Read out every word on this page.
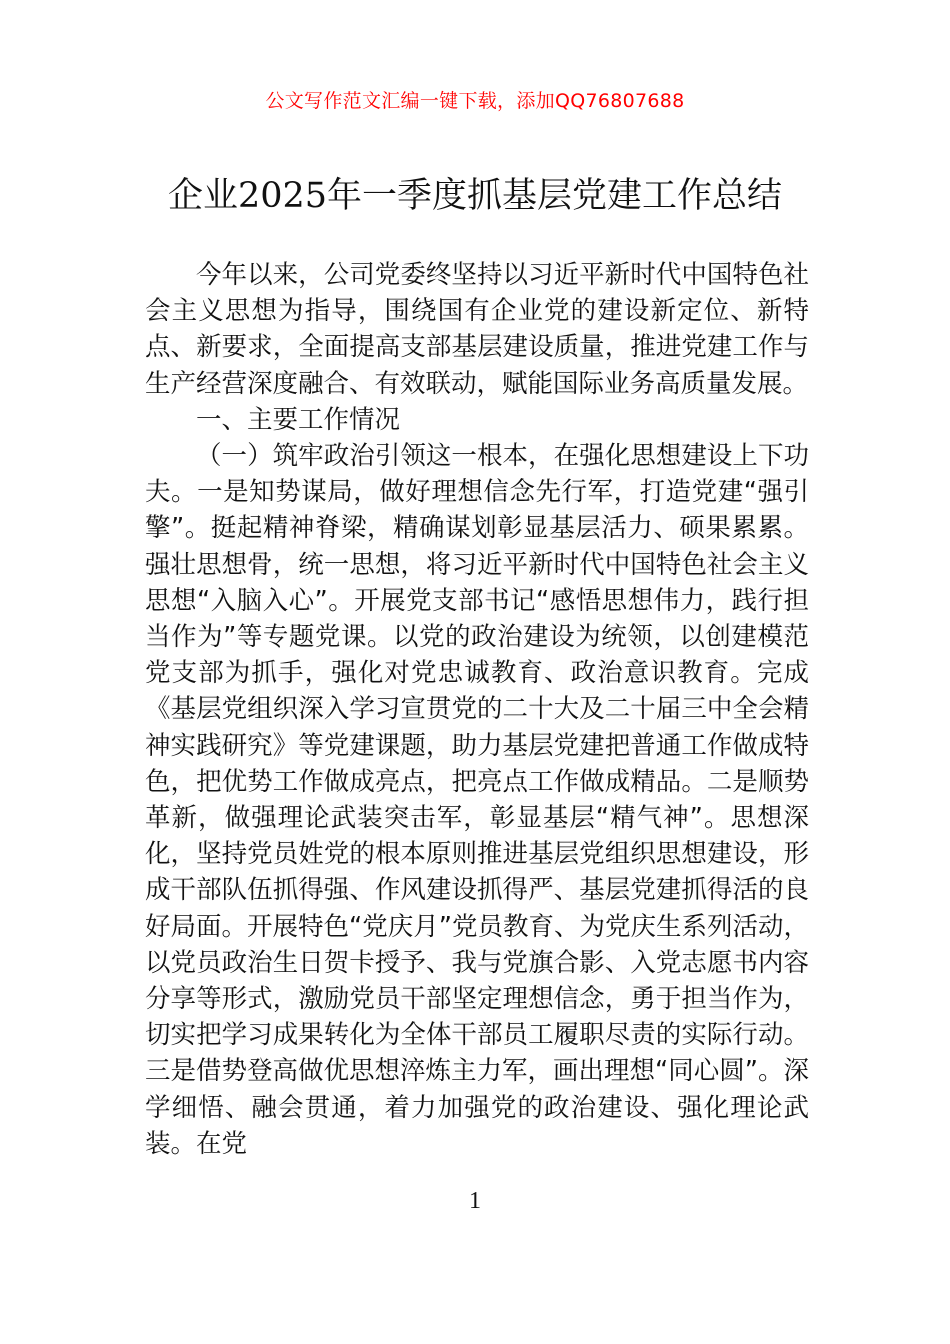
公文写作范文汇编一键下载，添加QQ76807688
企业2025年一季度抓基层党建工作总结

今年以来，公司党委终坚持以习近平新时代中国特色社会主义思想为指导，围绕国有企业党的建设新定位、新特点、新要求，全面提高支部基层建设质量，推进党建工作与生产经营深度融合、有效联动，赋能国际业务高质量发展。

一、主要工作情况

（一）筑牢政治引领这一根本，在强化思想建设上下功夫。一是知势谋局，做好理想信念先行军，打造党建“强引擎”。挺起精神脊梁，精确谋划彰显基层活力、硕果累累。强壮思想骨，统一思想，将习近平新时代中国特色社会主义思想“入脑入心”。开展党支部书记“感悟思想伟力，践行担当作为”等专题党课。以党的政治建设为统领，以创建模范党支部为抓手，强化对党忠诚教育、政治意识教育。完成《基层党组织深入学习宣贯党的二十大及二十届三中全会精神实践研究》等党建课题，助力基层党建把普通工作做成特色，把优势工作做成亮点，把亮点工作做成精品。二是顺势革新，做强理论武装突击军，彰显基层“精气神”。思想深化，坚持党员姓党的根本原则推进基层党组织思想建设，形成干部队伍抓得强、作风建设抓得严、基层党建抓得活的良好局面。开展特色“党庆月”党员教育、为党庆生系列活动，以党员政治生日贺卡授予、我与党旗合影、入党志愿书内容分享等形式，激励党员干部坚定理想信念，勇于担当作为，切实把学习成果转化为全体干部员工履职尽责的实际行动。三是借势登高做优思想淬炼主力军，画出理想“同心圆”。深学细悟、融会贯通，着力加强党的政治建设、强化理论武装。在党

1
